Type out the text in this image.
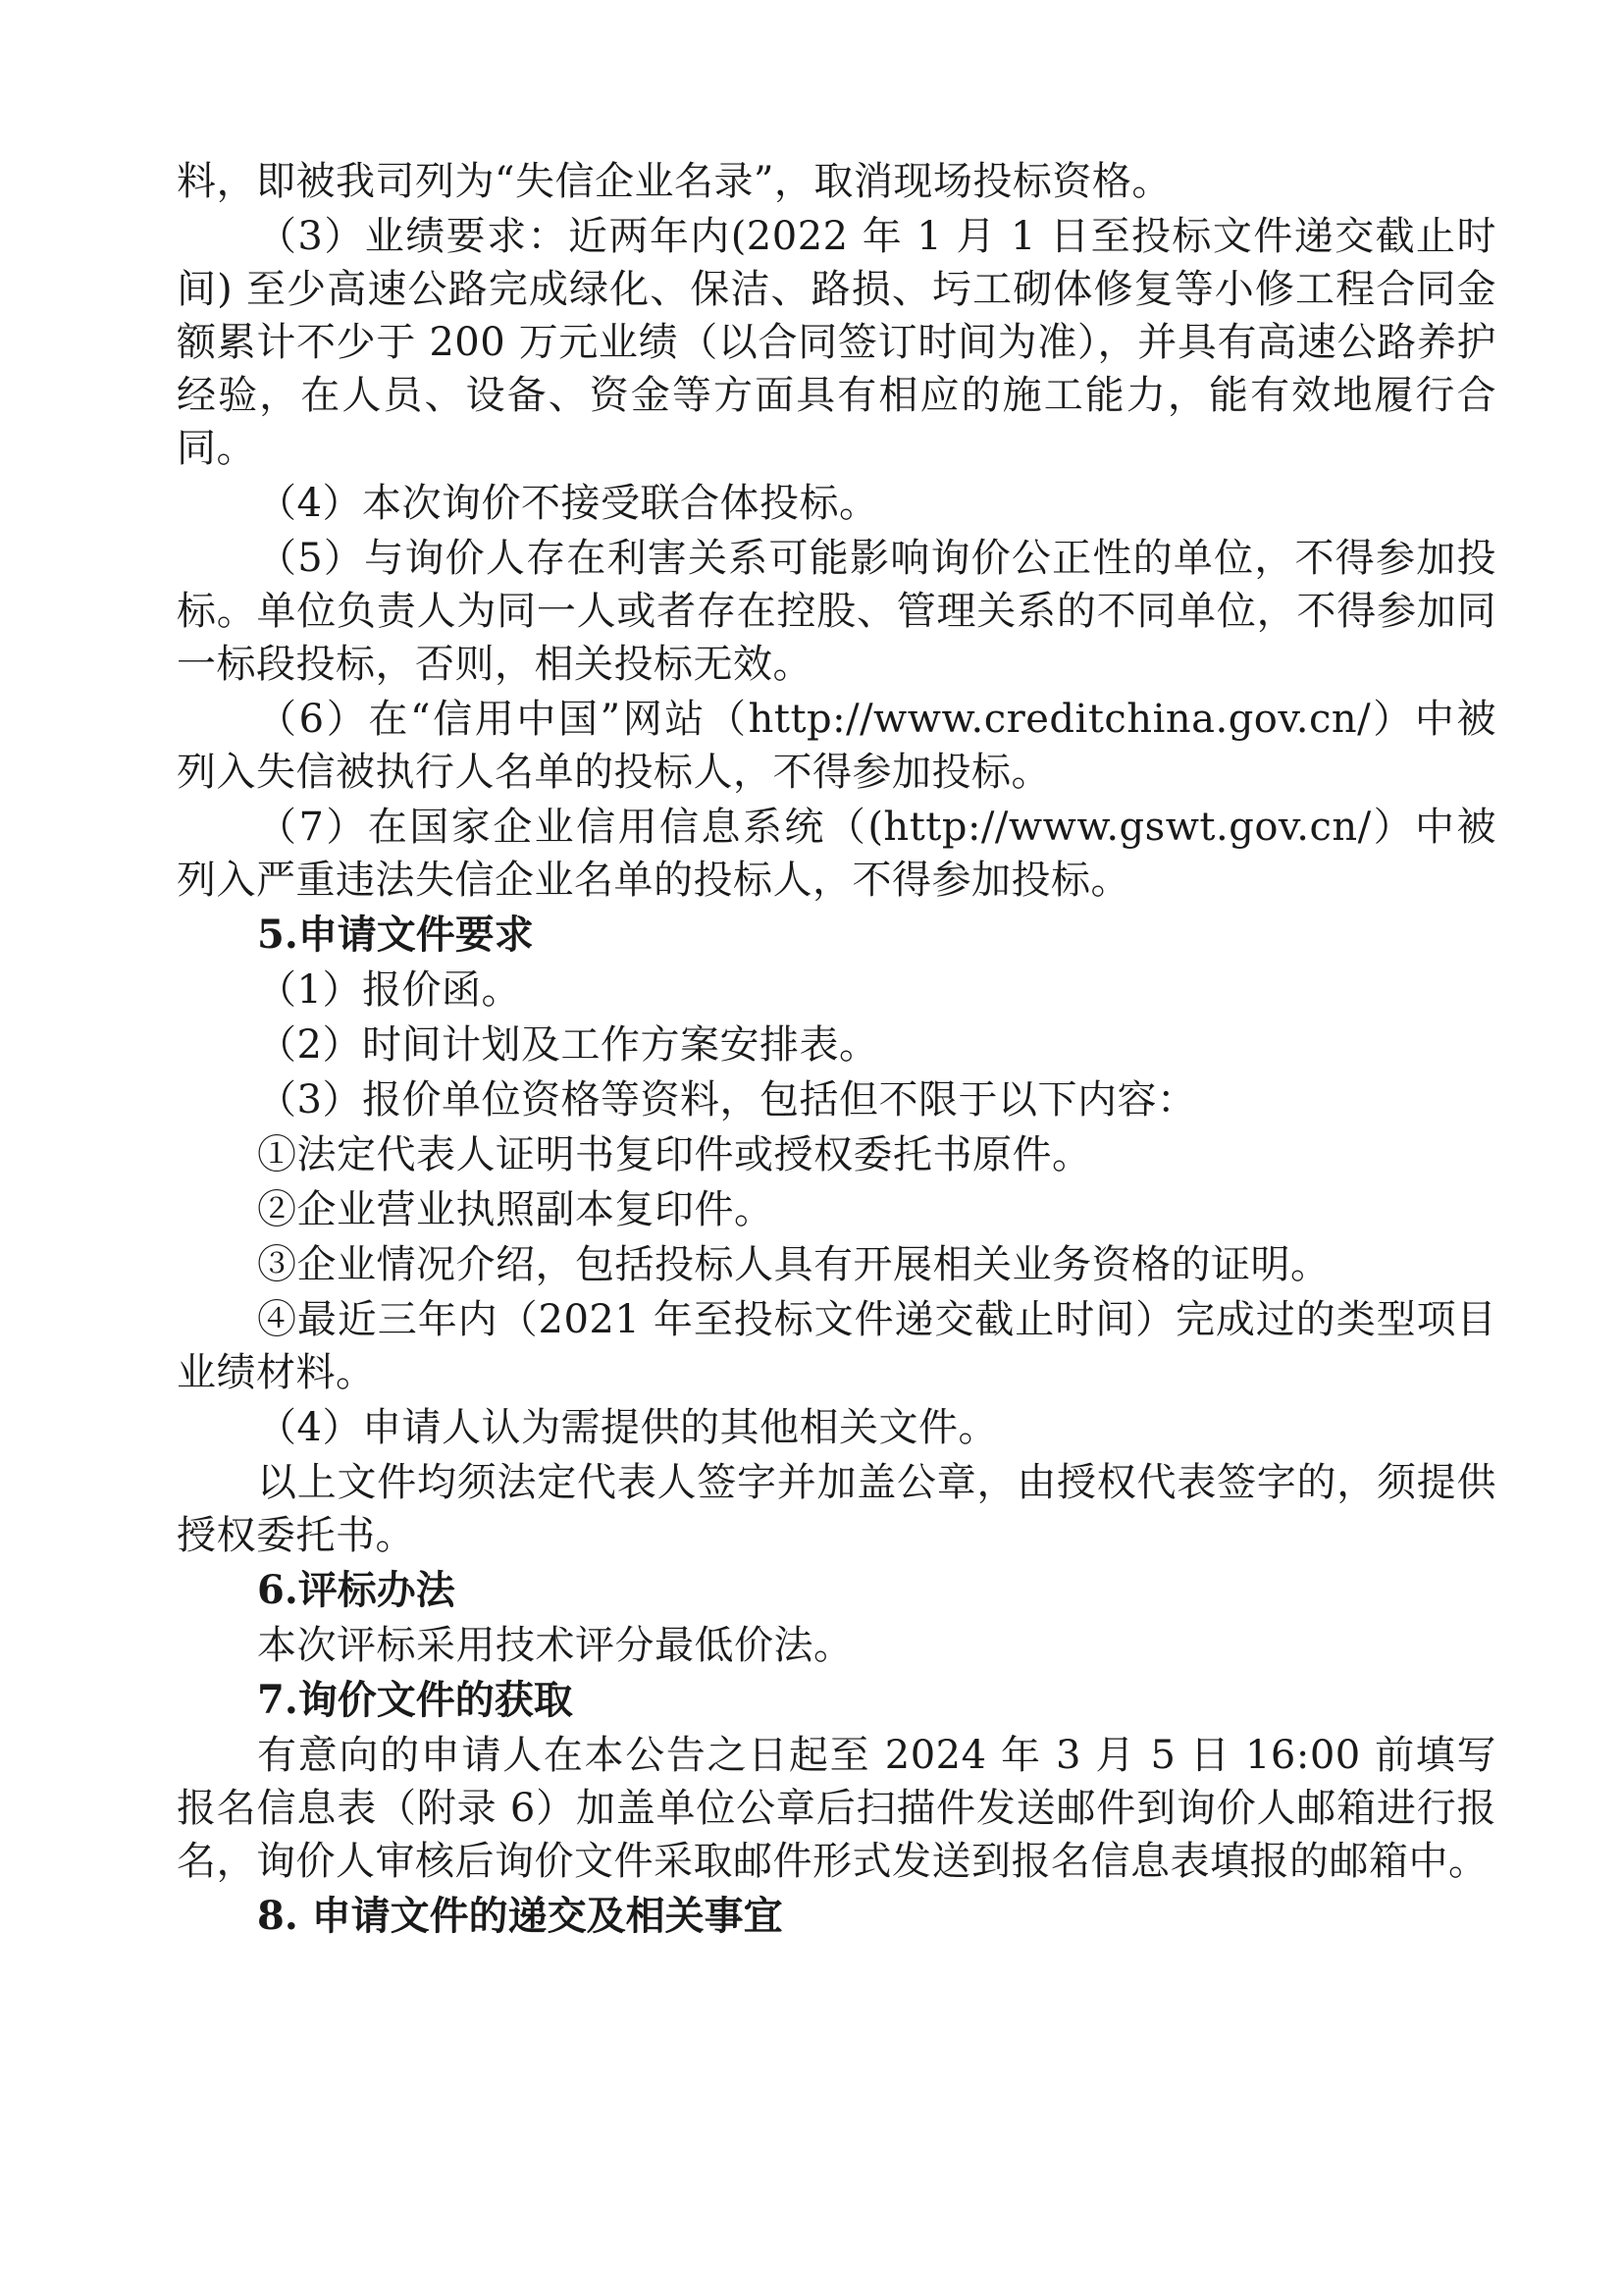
料，即被我司列为“失信企业名录”，取消现场投标资格。

（3）业绩要求：近两年内(2022 年 1 月 1 日至投标文件递交截止时间) 至少高速公路完成绿化、保洁、路损、圬工砌体修复等小修工程合同金额累计不少于 200 万元业绩（以合同签订时间为准），并具有高速公路养护经验，在人员、设备、资金等方面具有相应的施工能力，能有效地履行合同。

（4）本次询价不接受联合体投标。

（5）与询价人存在利害关系可能影响询价公正性的单位，不得参加投标。单位负责人为同一人或者存在控股、管理关系的不同单位，不得参加同一标段投标，否则，相关投标无效。

（6）在“信用中国”网站（http://www.creditchina.gov.cn/）中被列入失信被执行人名单的投标人，不得参加投标。

（7）在国家企业信用信息系统（(http://www.gswt.gov.cn/）中被列入严重违法失信企业名单的投标人，不得参加投标。

5.申请文件要求

（1）报价函。

（2）时间计划及工作方案安排表。

（3）报价单位资格等资料，包括但不限于以下内容：

①法定代表人证明书复印件或授权委托书原件。

②企业营业执照副本复印件。

③企业情况介绍，包括投标人具有开展相关业务资格的证明。

④最近三年内（2021 年至投标文件递交截止时间）完成过的类型项目业绩材料。

（4）申请人认为需提供的其他相关文件。

以上文件均须法定代表人签字并加盖公章，由授权代表签字的，须提供授权委托书。

6.评标办法

本次评标采用技术评分最低价法。

7.询价文件的获取

有意向的申请人在本公告之日起至 2024 年 3 月 5 日 16:00 前填写报名信息表（附录 6）加盖单位公章后扫描件发送邮件到询价人邮箱进行报名，询价人审核后询价文件采取邮件形式发送到报名信息表填报的邮箱中。

8. 申请文件的递交及相关事宜
